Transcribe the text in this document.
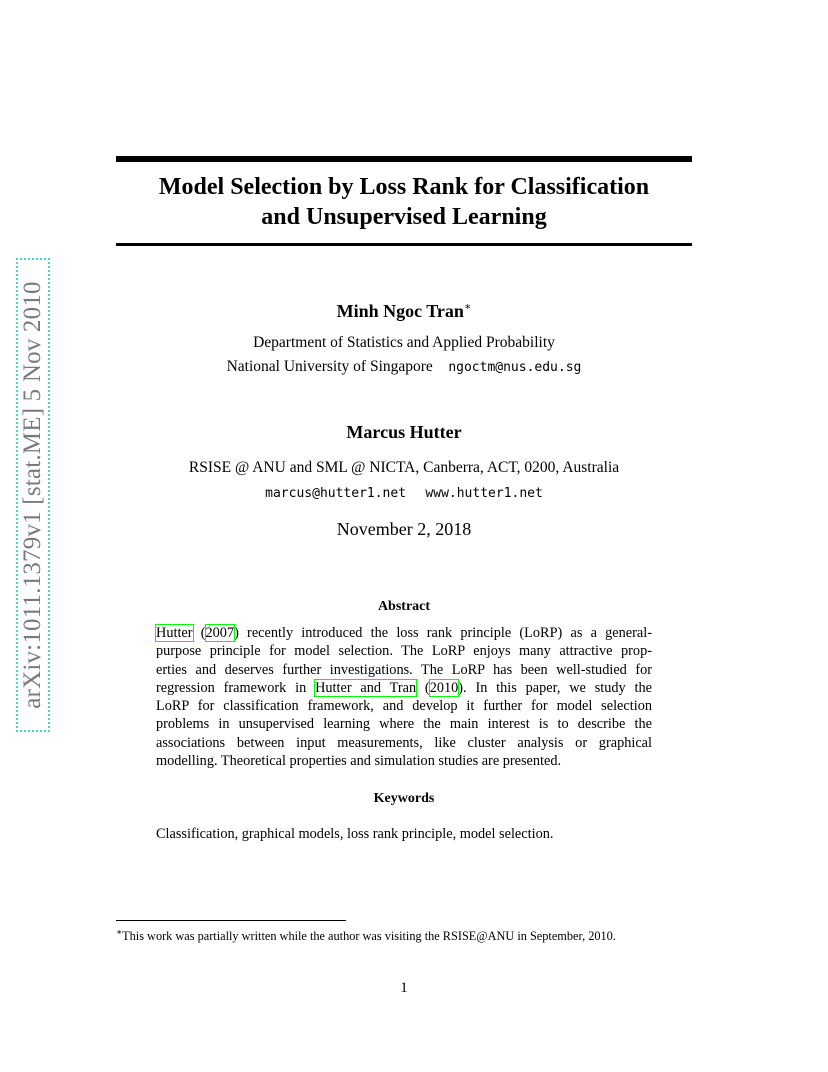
arXiv:1011.1379v1 [stat.ME] 5 Nov 2010
Model Selection by Loss Rank for Classification
and Unsupervised Learning
Minh Ngoc Tran∗
Department of Statistics and Applied Probability
National University of Singapore ngoctm@nus.edu.sg
Marcus Hutter
RSISE @ ANU and SML @ NICTA, Canberra, ACT, 0200, Australia
marcus@hutter1.net www.hutter1.net
November 2, 2018
Abstract
Hutter (2007) recently introduced the loss rank principle (LoRP) as a general-
purpose principle for model selection. The LoRP enjoys many attractive prop-
erties and deserves further investigations. The LoRP has been well-studied for
regression framework in Hutter and Tran (2010). In this paper, we study the
LoRP for classification framework, and develop it further for model selection
problems in unsupervised learning where the main interest is to describe the
associations between input measurements, like cluster analysis or graphical
modelling. Theoretical properties and simulation studies are presented.
Keywords
Classification, graphical models, loss rank principle, model selection.
∗This work was partially written while the author was visiting the RSISE@ANU in September, 2010.
1
